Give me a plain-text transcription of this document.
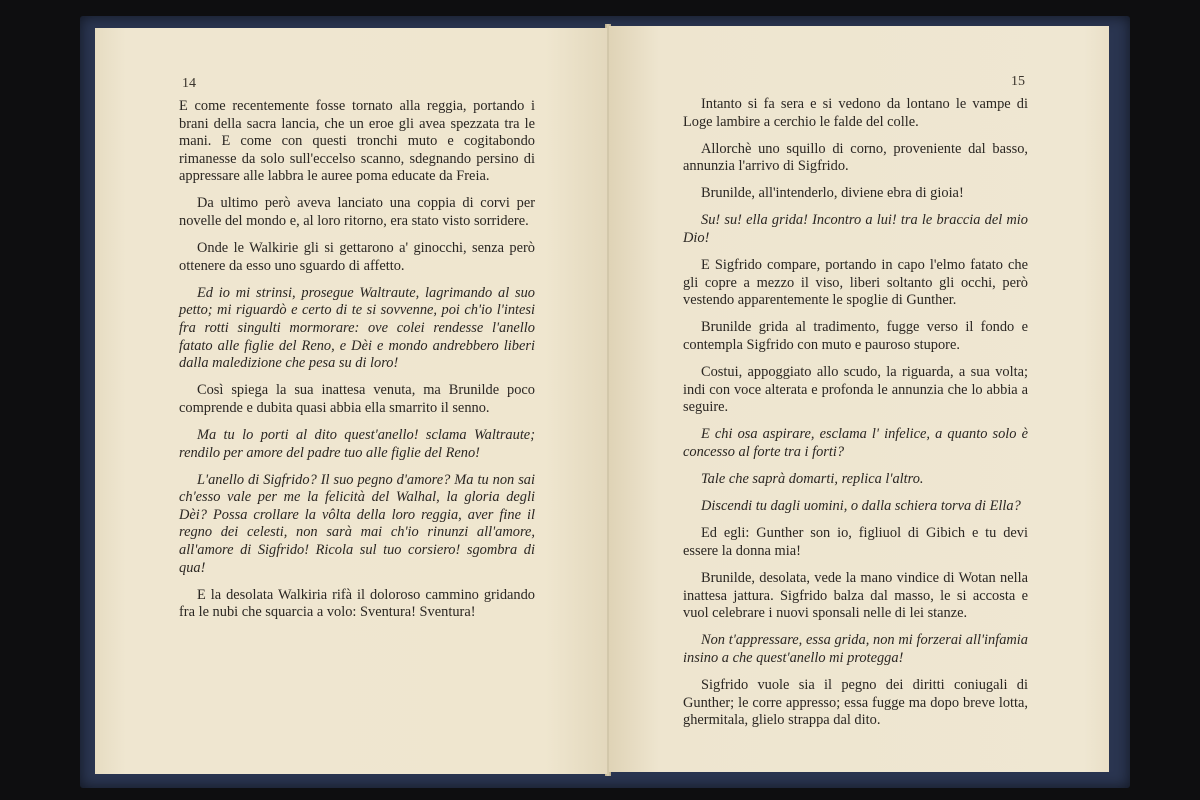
14

E come recentemente fosse tornato alla reggia, portando i brani della sacra lancia, che un eroe gli avea spezzata tra le mani. E come con questi tronchi muto e cogitabondo rimanesse da solo sull'eccelso scanno, sdegnando persino di appressare alle labbra le auree poma educate da Freia.

Da ultimo però aveva lanciato una coppia di corvi per novelle del mondo e, al loro ritorno, era stato visto sorridere.

Onde le Walkirie gli si gettarono a' ginocchi, senza però ottenere da esso uno sguardo di affetto.

Ed io mi strinsi, prosegue Waltraute, lagrimando al suo petto; mi riguardò e certo di te si sovvenne, poi ch'io l'intesi fra rotti singulti mormorare: ove colei rendesse l'anello fatato alle figlie del Reno, e Dèi e mondo andrebbero liberi dalla maledizione che pesa su di loro!

Così spiega la sua inattesa venuta, ma Brunilde poco comprende e dubita quasi abbia ella smarrito il senno.

Ma tu lo porti al dito quest'anello! sclama Waltraute; rendilo per amore del padre tuo alle figlie del Reno!

L'anello di Sigfrido? Il suo pegno d'amore? Ma tu non sai ch'esso vale per me la felicità del Walhal, la gloria degli Dèi? Possa crollare la vôlta della loro reggia, aver fine il regno dei celesti, non sarà mai ch'io rinunzi all'amore, all'amore di Sigfrido! Ricola sul tuo corsiero! sgombra di qua!

E la desolata Walkiria rifà il doloroso cammino gridando fra le nubi che squarcia a volo: Sventura! Sventura!

15

Intanto si fa sera e si vedono da lontano le vampe di Loge lambire a cerchio le falde del colle.

Allorchè uno squillo di corno, proveniente dal basso, annunzia l'arrivo di Sigfrido.

Brunilde, all'intenderlo, diviene ebra di gioia!

Su! su! ella grida! Incontro a lui! tra le braccia del mio Dio!

E Sigfrido compare, portando in capo l'elmo fatato che gli copre a mezzo il viso, liberi soltanto gli occhi, però vestendo apparentemente le spoglie di Gunther.

Brunilde grida al tradimento, fugge verso il fondo e contempla Sigfrido con muto e pauroso stupore.

Costui, appoggiato allo scudo, la riguarda, a sua volta; indi con voce alterata e profonda le annunzia che lo abbia a seguire.

E chi osa aspirare, esclama l' infelice, a quanto solo è concesso al forte tra i forti?

Tale che saprà domarti, replica l'altro.

Discendi tu dagli uomini, o dalla schiera torva di Ella?

Ed egli: Gunther son io, figliuol di Gibich e tu devi essere la donna mia!

Brunilde, desolata, vede la mano vindice di Wotan nella inattesa jattura. Sigfrido balza dal masso, le si accosta e vuol celebrare i nuovi sponsali nelle di lei stanze.

Non t'appressare, essa grida, non mi forzerai all'infamia insino a che quest'anello mi protegga!

Sigfrido vuole sia il pegno dei diritti coniugali di Gunther; le corre appresso; essa fugge ma dopo breve lotta, ghermitala, glielo strappa dal dito.
